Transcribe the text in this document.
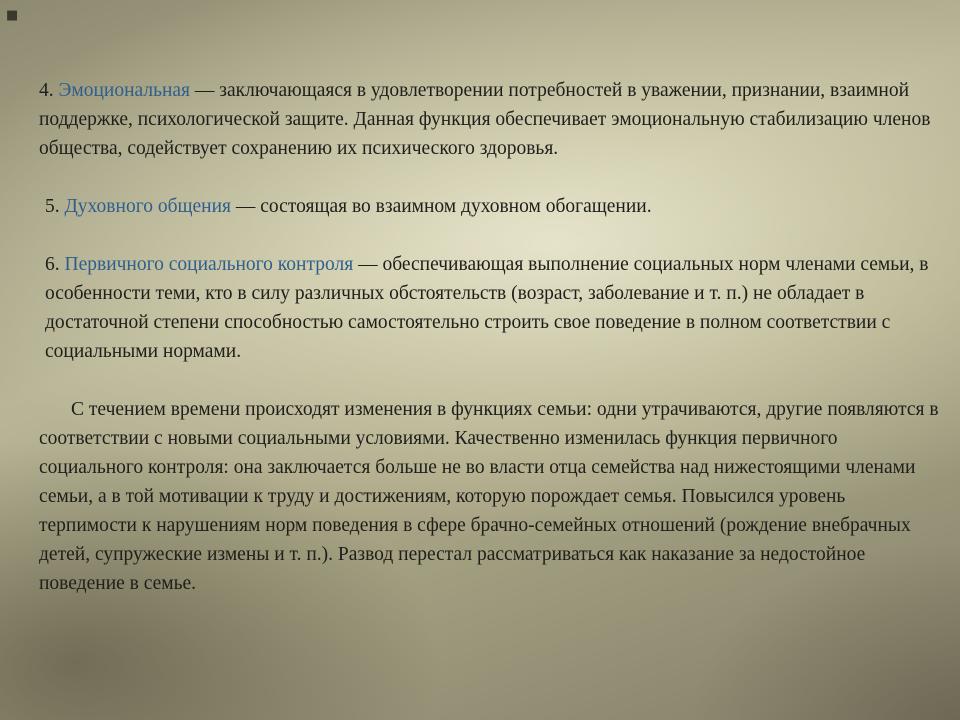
■

4. Эмоциональная — заключающаяся в удовлетворении потребностей в уважении, признании, взаимной поддержке, психологической защите. Данная функция обеспечивает эмоциональную стабилизацию членов общества, содействует сохранению их психического здоровья.

5. Духовного общения — состоящая во взаимном духовном обогащении.

6. Первичного социального контроля — обеспечивающая выполнение социальных норм членами семьи, в особенности теми, кто в силу различных обстоятельств (возраст, заболевание и т. п.) не обладает в достаточной степени способностью самостоятельно строить свое поведение в полном соответствии с социальными нормами.

С течением времени происходят изменения в функциях семьи: одни утрачиваются, другие появляются в соответствии с новыми социальными условиями. Качественно изменилась функция первичного социального контроля: она заключается больше не во власти отца семейства над нижестоящими членами семьи, а в той мотивации к труду и достижениям, которую порождает семья. Повысился уровень терпимости к нарушениям норм поведения в сфере брачно-семейных отношений (рождение внебрачных детей, супружеские измены и т. п.). Развод перестал рассматриваться как наказание за недостойное поведение в семье.
